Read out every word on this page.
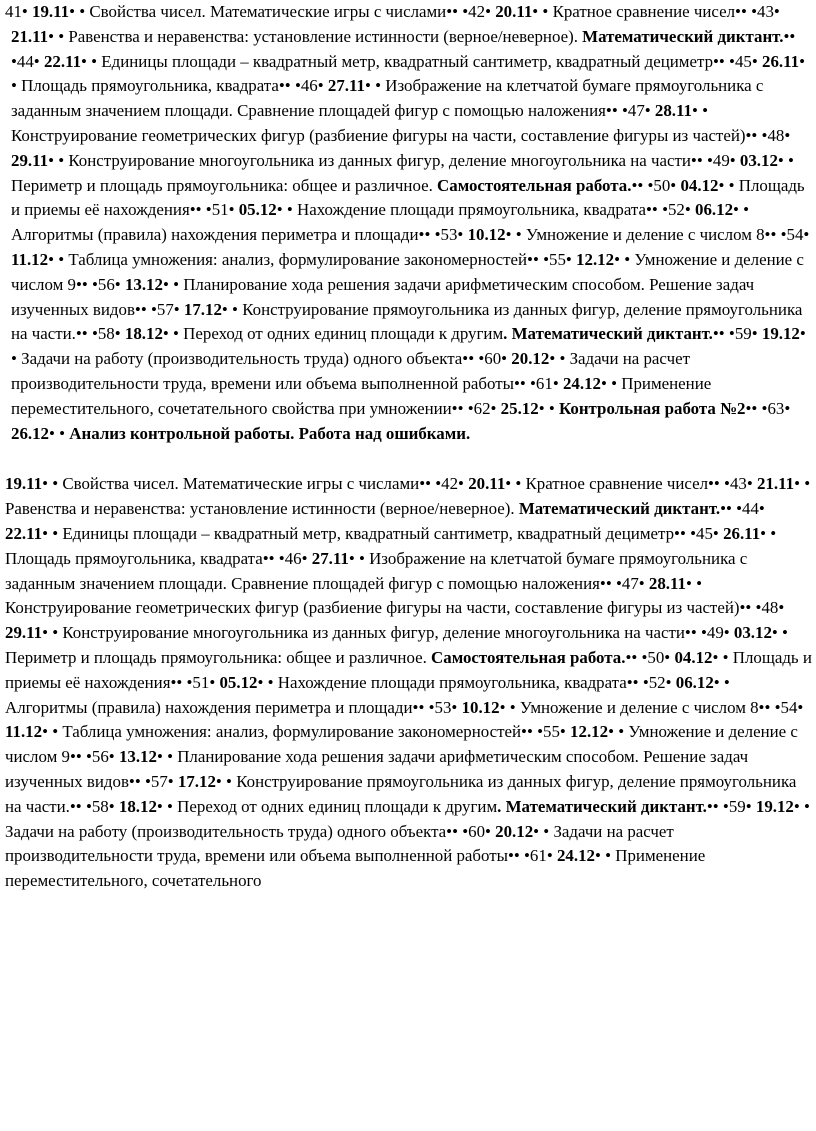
41• 19.11• • Свойства чисел. Математические игры с числами•• •42• 20.11• • Кратное сравнение чисел•• •43• 21.11• • Равенства и неравенства: установление истинности (верное/неверное). Математический диктант.•• •44• 22.11• • Единицы площади – квадратный метр, квадратный сантиметр, квадратный дециметр•• •45• 26.11• • Площадь прямоугольника, квадрата•• •46• 27.11• • Изображение на клетчатой бумаге прямоугольника с заданным значением площади. Сравнение площадей фигур с помощью наложения•• •47• 28.11• • Конструирование геометрических фигур (разбиение фигуры на части, составление фигуры из частей)•• •48• 29.11• • Конструирование многоугольника из данных фигур, деление многоугольника на части•• •49• 03.12• • Периметр и площадь прямоугольника: общее и различное. Самостоятельная работа.•• •50• 04.12• • Площадь и приемы её нахождения•• •51• 05.12• • Нахождение площади прямоугольника, квадрата•• •52• 06.12• • Алгоритмы (правила) нахождения периметра и площади•• •53• 10.12• • Умножение и деление с числом 8•• •54• 11.12• • Таблица умножения: анализ, формулирование закономерностей•• •55• 12.12• • Умножение и деление с числом 9•• •56• 13.12• • Планирование хода решения задачи арифметическим способом. Решение задач изученных видов•• •57• 17.12• • Конструирование прямоугольника из данных фигур, деление прямоугольника на части.•• •58• 18.12• • Переход от одних единиц площади к другим. Математический диктант.•• •59• 19.12• • Задачи на работу (производительность труда) одного объекта•• •60• 20.12• • Задачи на расчет производительности труда, времени или объема выполненной работы•• •61• 24.12• • Применение переместительного, сочетательного свойства при умножении•• •62• 25.12• • Контрольная работа №2•• •63• 26.12• • Анализ контрольной работы. Работа над ошибками.

19.11• • Свойства чисел. Математические игры с числами•• •42• 20.11• • Кратное сравнение чисел•• •43• 21.11• • Равенства и неравенства: установление истинности (верное/неверное). Математический диктант.•• •44• 22.11• • Единицы площади – квадратный метр, квадратный сантиметр, квадратный дециметр•• •45• 26.11• • Площадь прямоугольника, квадрата•• •46• 27.11• • Изображение на клетчатой бумаге прямоугольника с заданным значением площади. Сравнение площадей фигур с помощью наложения•• •47• 28.11• • Конструирование геометрических фигур (разбиение фигуры на части, составление фигуры из частей)•• •48• 29.11• • Конструирование многоугольника из данных фигур, деление многоугольника на части•• •49• 03.12• • Периметр и площадь прямоугольника: общее и различное. Самостоятельная работа.•• •50• 04.12• • Площадь и приемы её нахождения•• •51• 05.12• • Нахождение площади прямоугольника, квадрата•• •52• 06.12• • Алгоритмы (правила) нахождения периметра и площади•• •53• 10.12• • Умножение и деление с числом 8•• •54• 11.12• • Таблица умножения: анализ, формулирование закономерностей•• •55• 12.12• • Умножение и деление с числом 9•• •56• 13.12• • Планирование хода решения задачи арифметическим способом. Решение задач изученных видов•• •57• 17.12• • Конструирование прямоугольника из данных фигур, деление прямоугольника на части.•• •58• 18.12• • Переход от одних единиц площади к другим. Математический диктант.•• •59• 19.12• • Задачи на работу (производительность труда) одного объекта•• •60• 20.12• • Задачи на расчет производительности труда, времени или объема выполненной работы•• •61• 24.12• • Применение переместительного, сочетательного
